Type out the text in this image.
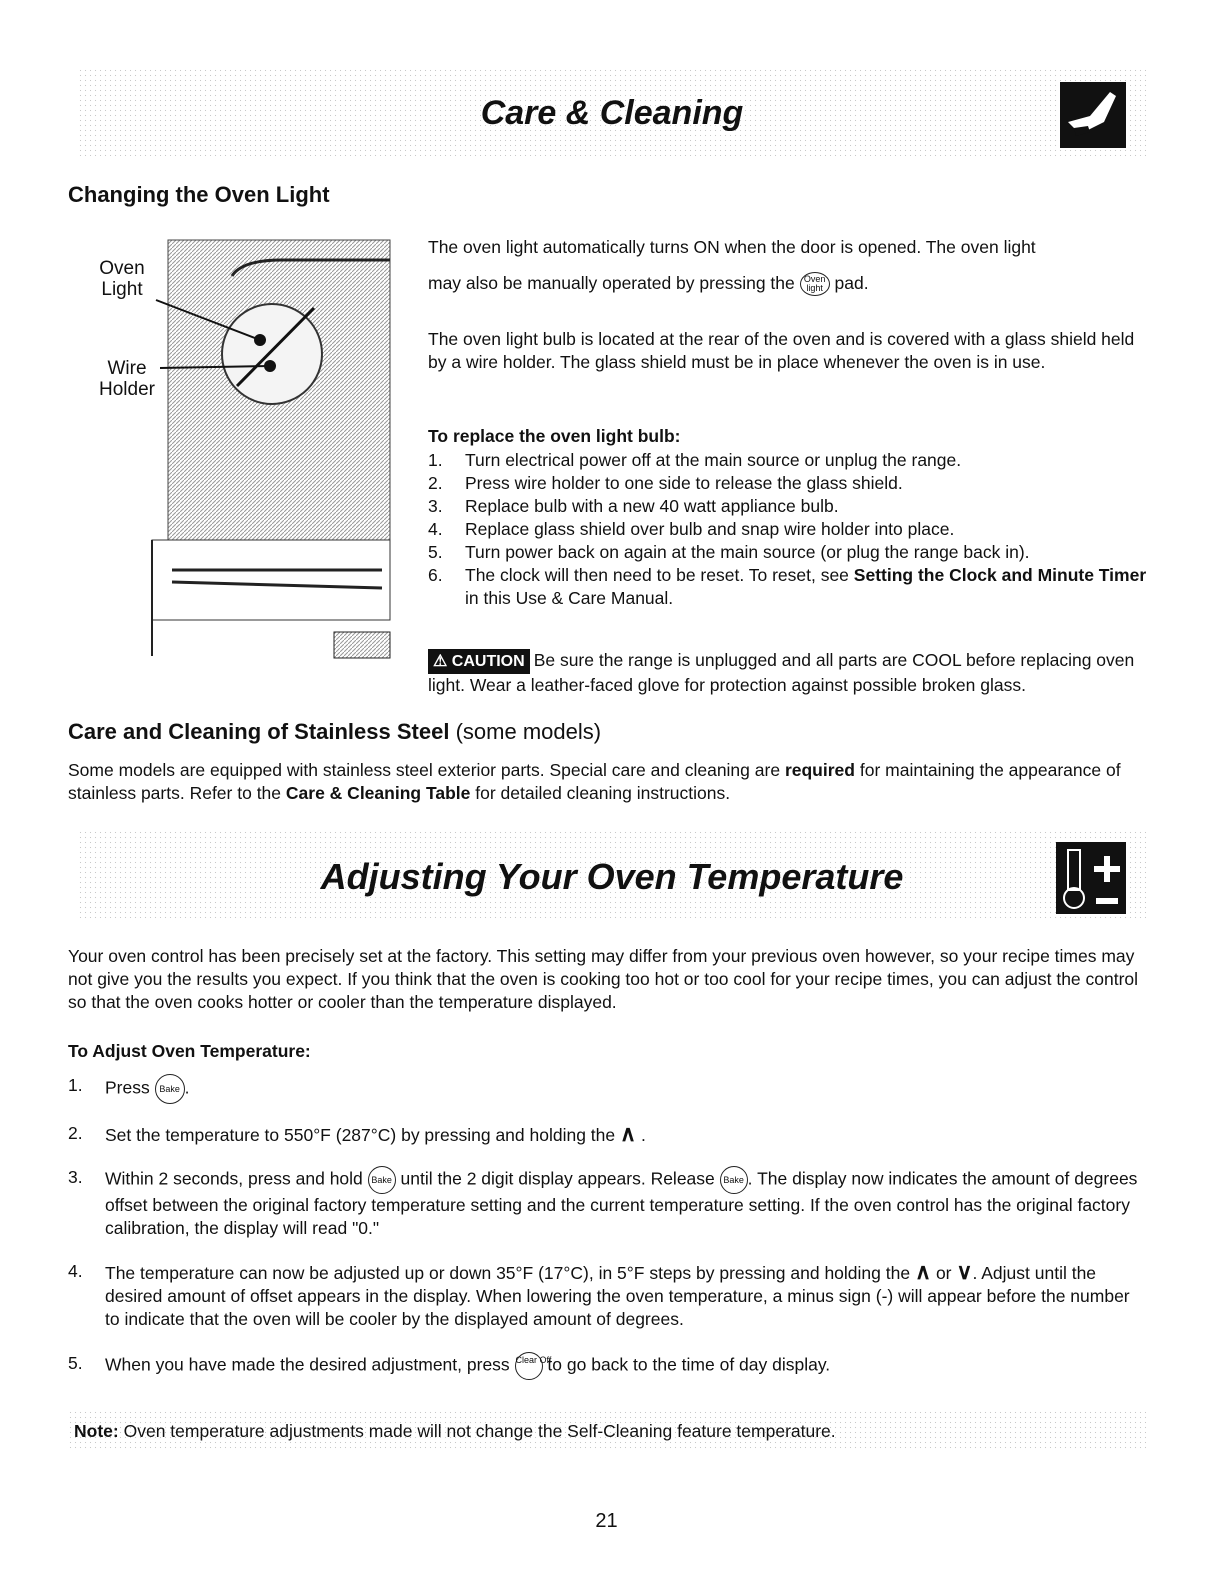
Care & Cleaning
Changing the Oven Light
Oven
Light
Wire
Holder

The oven light automatically turns ON when the door is opened. The oven light

may also be manually operated by pressing the Oven light pad.

The oven light bulb is located at the rear of the oven and is covered with a glass shield held by a wire holder. The glass shield must be in place whenever the oven is in use.

To replace the oven light bulb:

1. Turn electrical power off at the main source or unplug the range.
2. Press wire holder to one side to release the glass shield.
3. Replace bulb with a new 40 watt appliance bulb.
4. Replace glass shield over bulb and snap wire holder into place.
5. Turn power back on again at the main source (or plug the range back in).
6. The clock will then need to be reset. To reset, see Setting the Clock and Minute Timer in this Use & Care Manual.

⚠ CAUTION Be sure the range is unplugged and all parts are COOL before replacing oven light. Wear a leather-faced glove for protection against possible broken glass.

Care and Cleaning of Stainless Steel (some models)

Some models are equipped with stainless steel exterior parts. Special care and cleaning are required for maintaining the appearance of stainless parts. Refer to the Care & Cleaning Table for detailed cleaning instructions.

Adjusting Your Oven Temperature

Your oven control has been precisely set at the factory. This setting may differ from your previous oven however, so your recipe times may not give you the results you expect. If you think that the oven is cooking too hot or too cool for your recipe times, you can adjust the control so that the oven cooks hotter or cooler than the temperature displayed.

To Adjust Oven Temperature:

1. Press Bake .
2. Set the temperature to 550°F (287°C) by pressing and holding the ∧ .
3. Within 2 seconds, press and hold Bake until the 2 digit display appears. Release Bake . The display now indicates the amount of degrees offset between the original factory temperature setting and the current temperature setting. If the oven control has the original factory calibration, the display will read "0."
4. The temperature can now be adjusted up or down 35°F (17°C), in 5°F steps by pressing and holding the ∧ or ∨. Adjust until the desired amount of offset appears in the display. When lowering the oven temperature, a minus sign (-) will appear before the number to indicate that the oven will be cooler by the displayed amount of degrees.
5. When you have made the desired adjustment, press Clear Off to go back to the time of day display.

Note: Oven temperature adjustments made will not change the Self-Cleaning feature temperature.

21
